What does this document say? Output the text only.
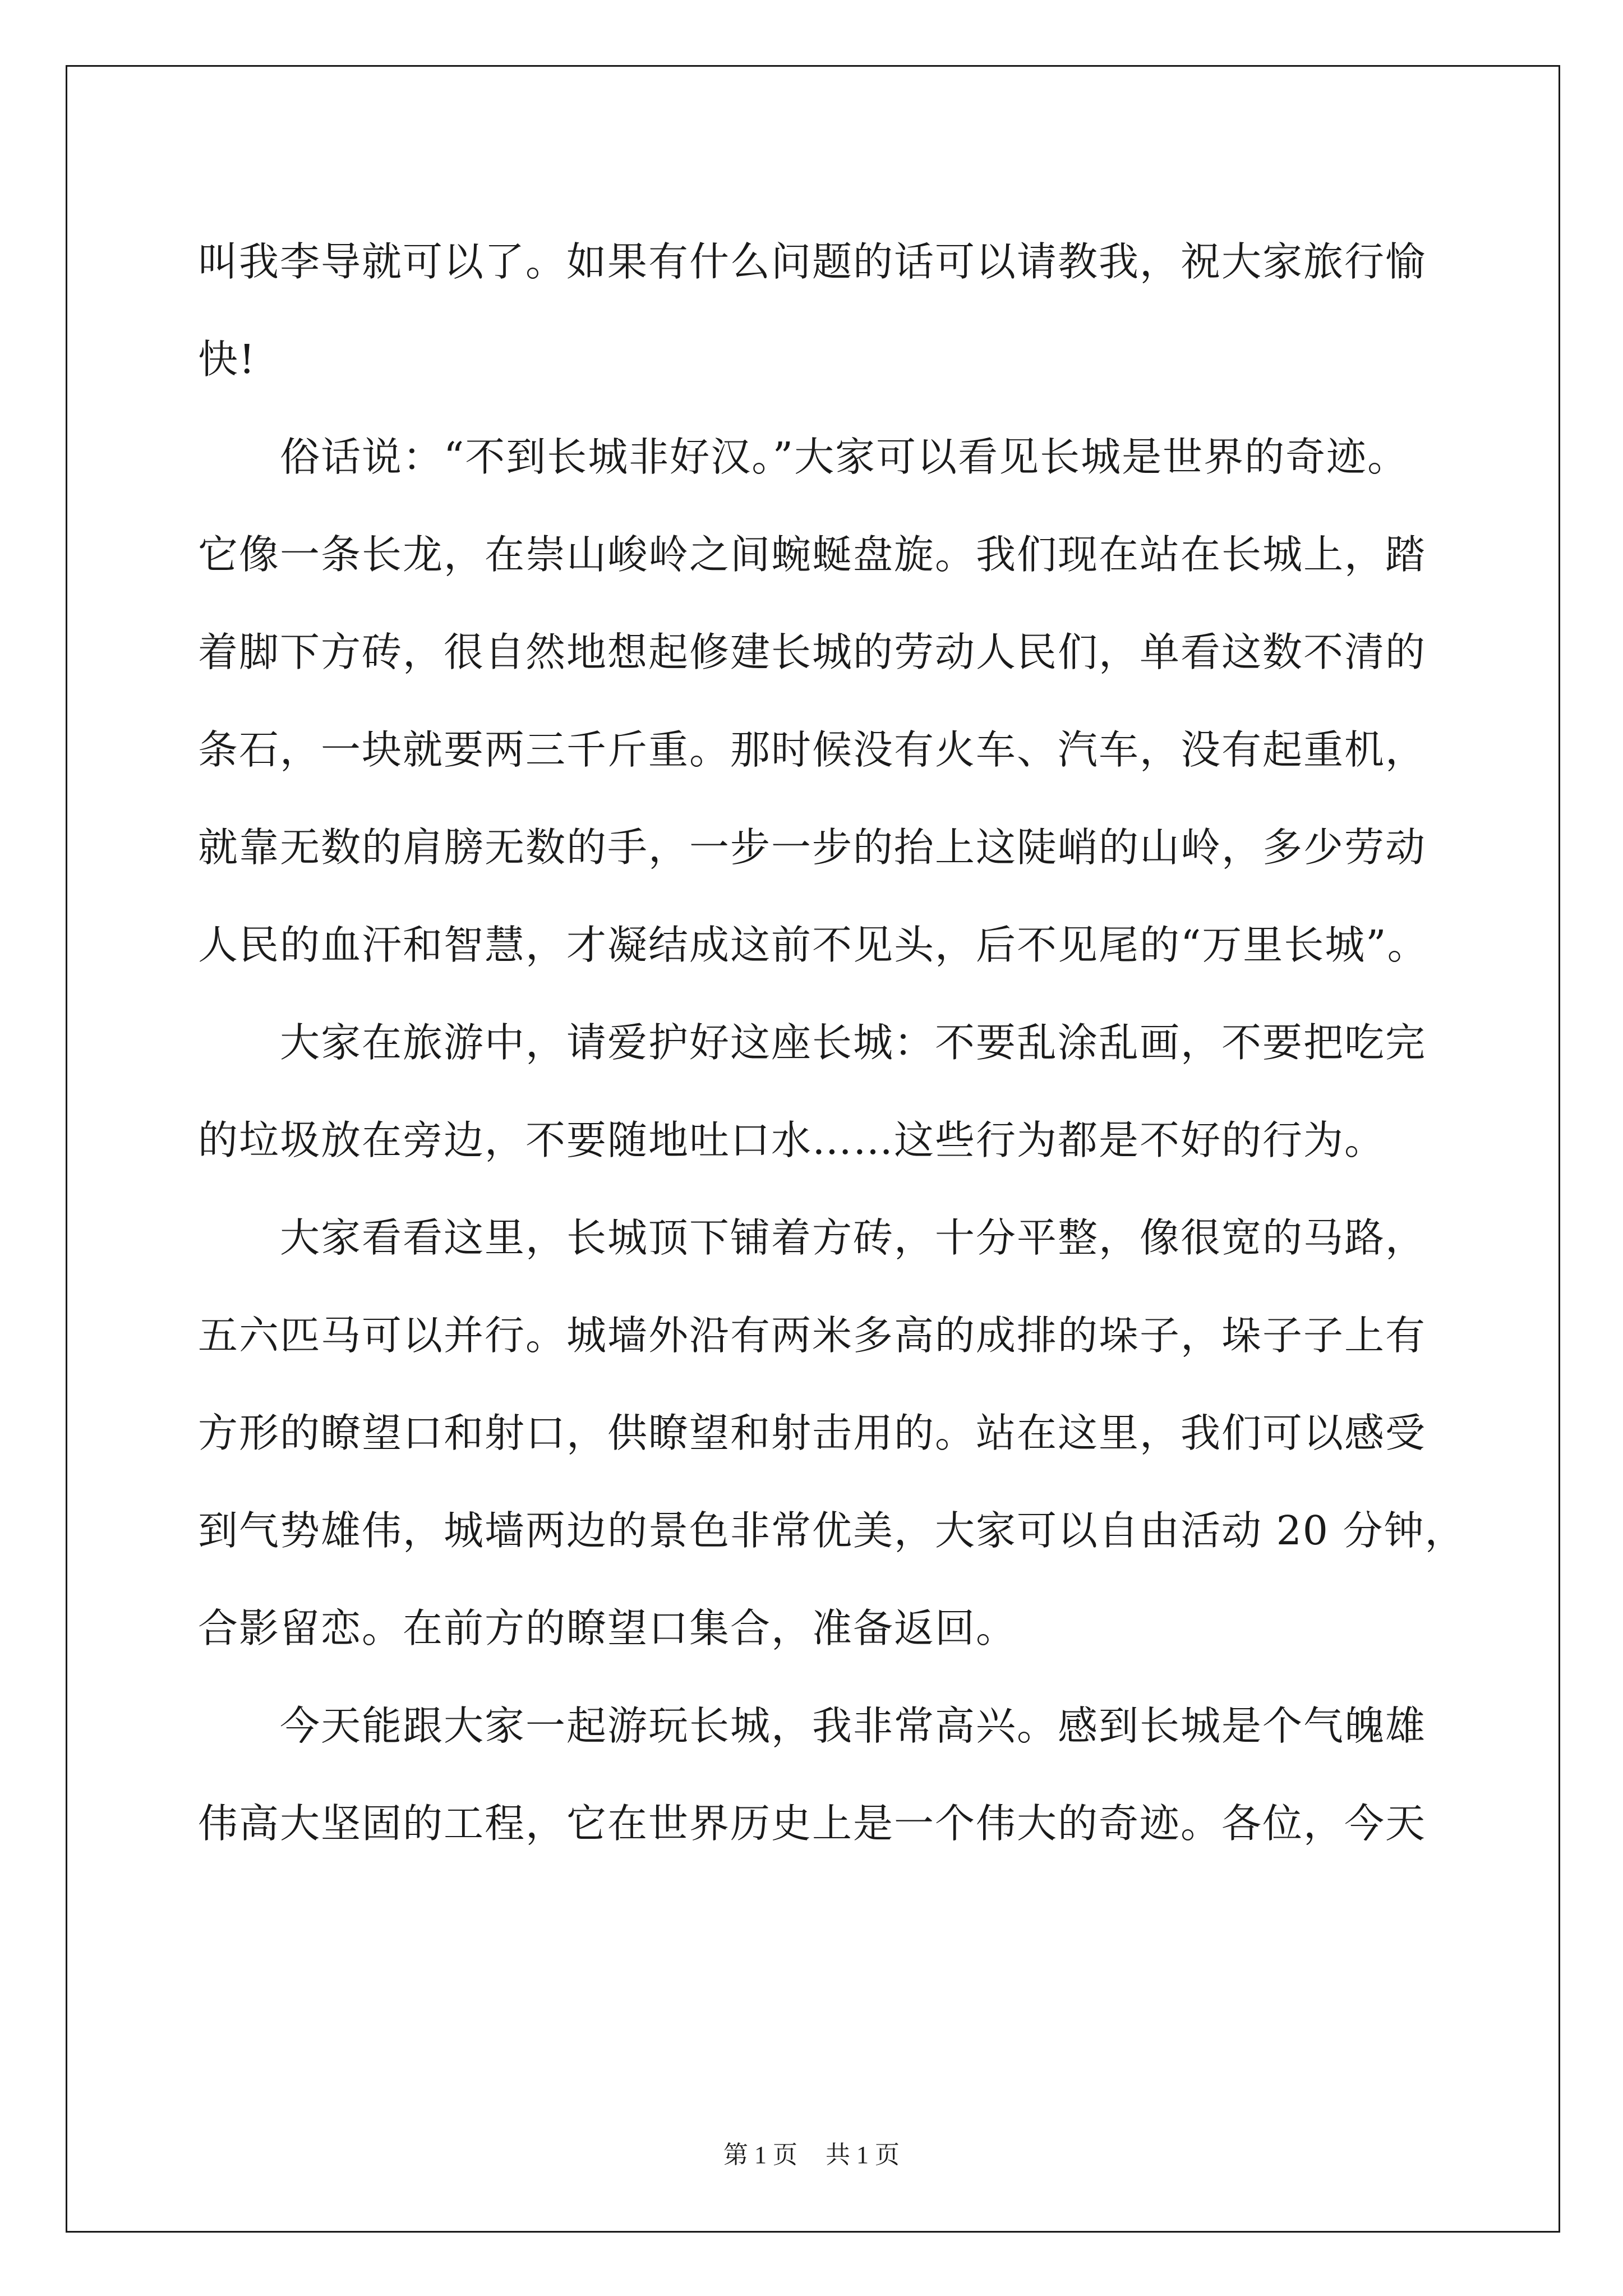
叫我李导就可以了。如果有什么问题的话可以请教我，祝大家旅行愉
快!
俗话说：“不到长城非好汉。”大家可以看见长城是世界的奇迹。
它像一条长龙，在崇山峻岭之间蜿蜒盘旋。我们现在站在长城上，踏
着脚下方砖，很自然地想起修建长城的劳动人民们，单看这数不清的
条石，一块就要两三千斤重。那时候没有火车、汽车，没有起重机，
就靠无数的肩膀无数的手，一步一步的抬上这陡峭的山岭，多少劳动
人民的血汗和智慧，才凝结成这前不见头，后不见尾的“万里长城”。
大家在旅游中，请爱护好这座长城：不要乱涂乱画，不要把吃完
的垃圾放在旁边，不要随地吐口水……这些行为都是不好的行为。
大家看看这里，长城顶下铺着方砖，十分平整，像很宽的马路，
五六匹马可以并行。城墙外沿有两米多高的成排的垛子，垛子子上有
方形的瞭望口和射口，供瞭望和射击用的。站在这里，我们可以感受
到气势雄伟，城墙两边的景色非常优美，大家可以自由活动 20 分钟，
合影留恋。在前方的瞭望口集合，准备返回。
今天能跟大家一起游玩长城，我非常高兴。感到长城是个气魄雄
伟高大坚固的工程，它在世界历史上是一个伟大的奇迹。各位，今天
第 1 页 共 1 页
